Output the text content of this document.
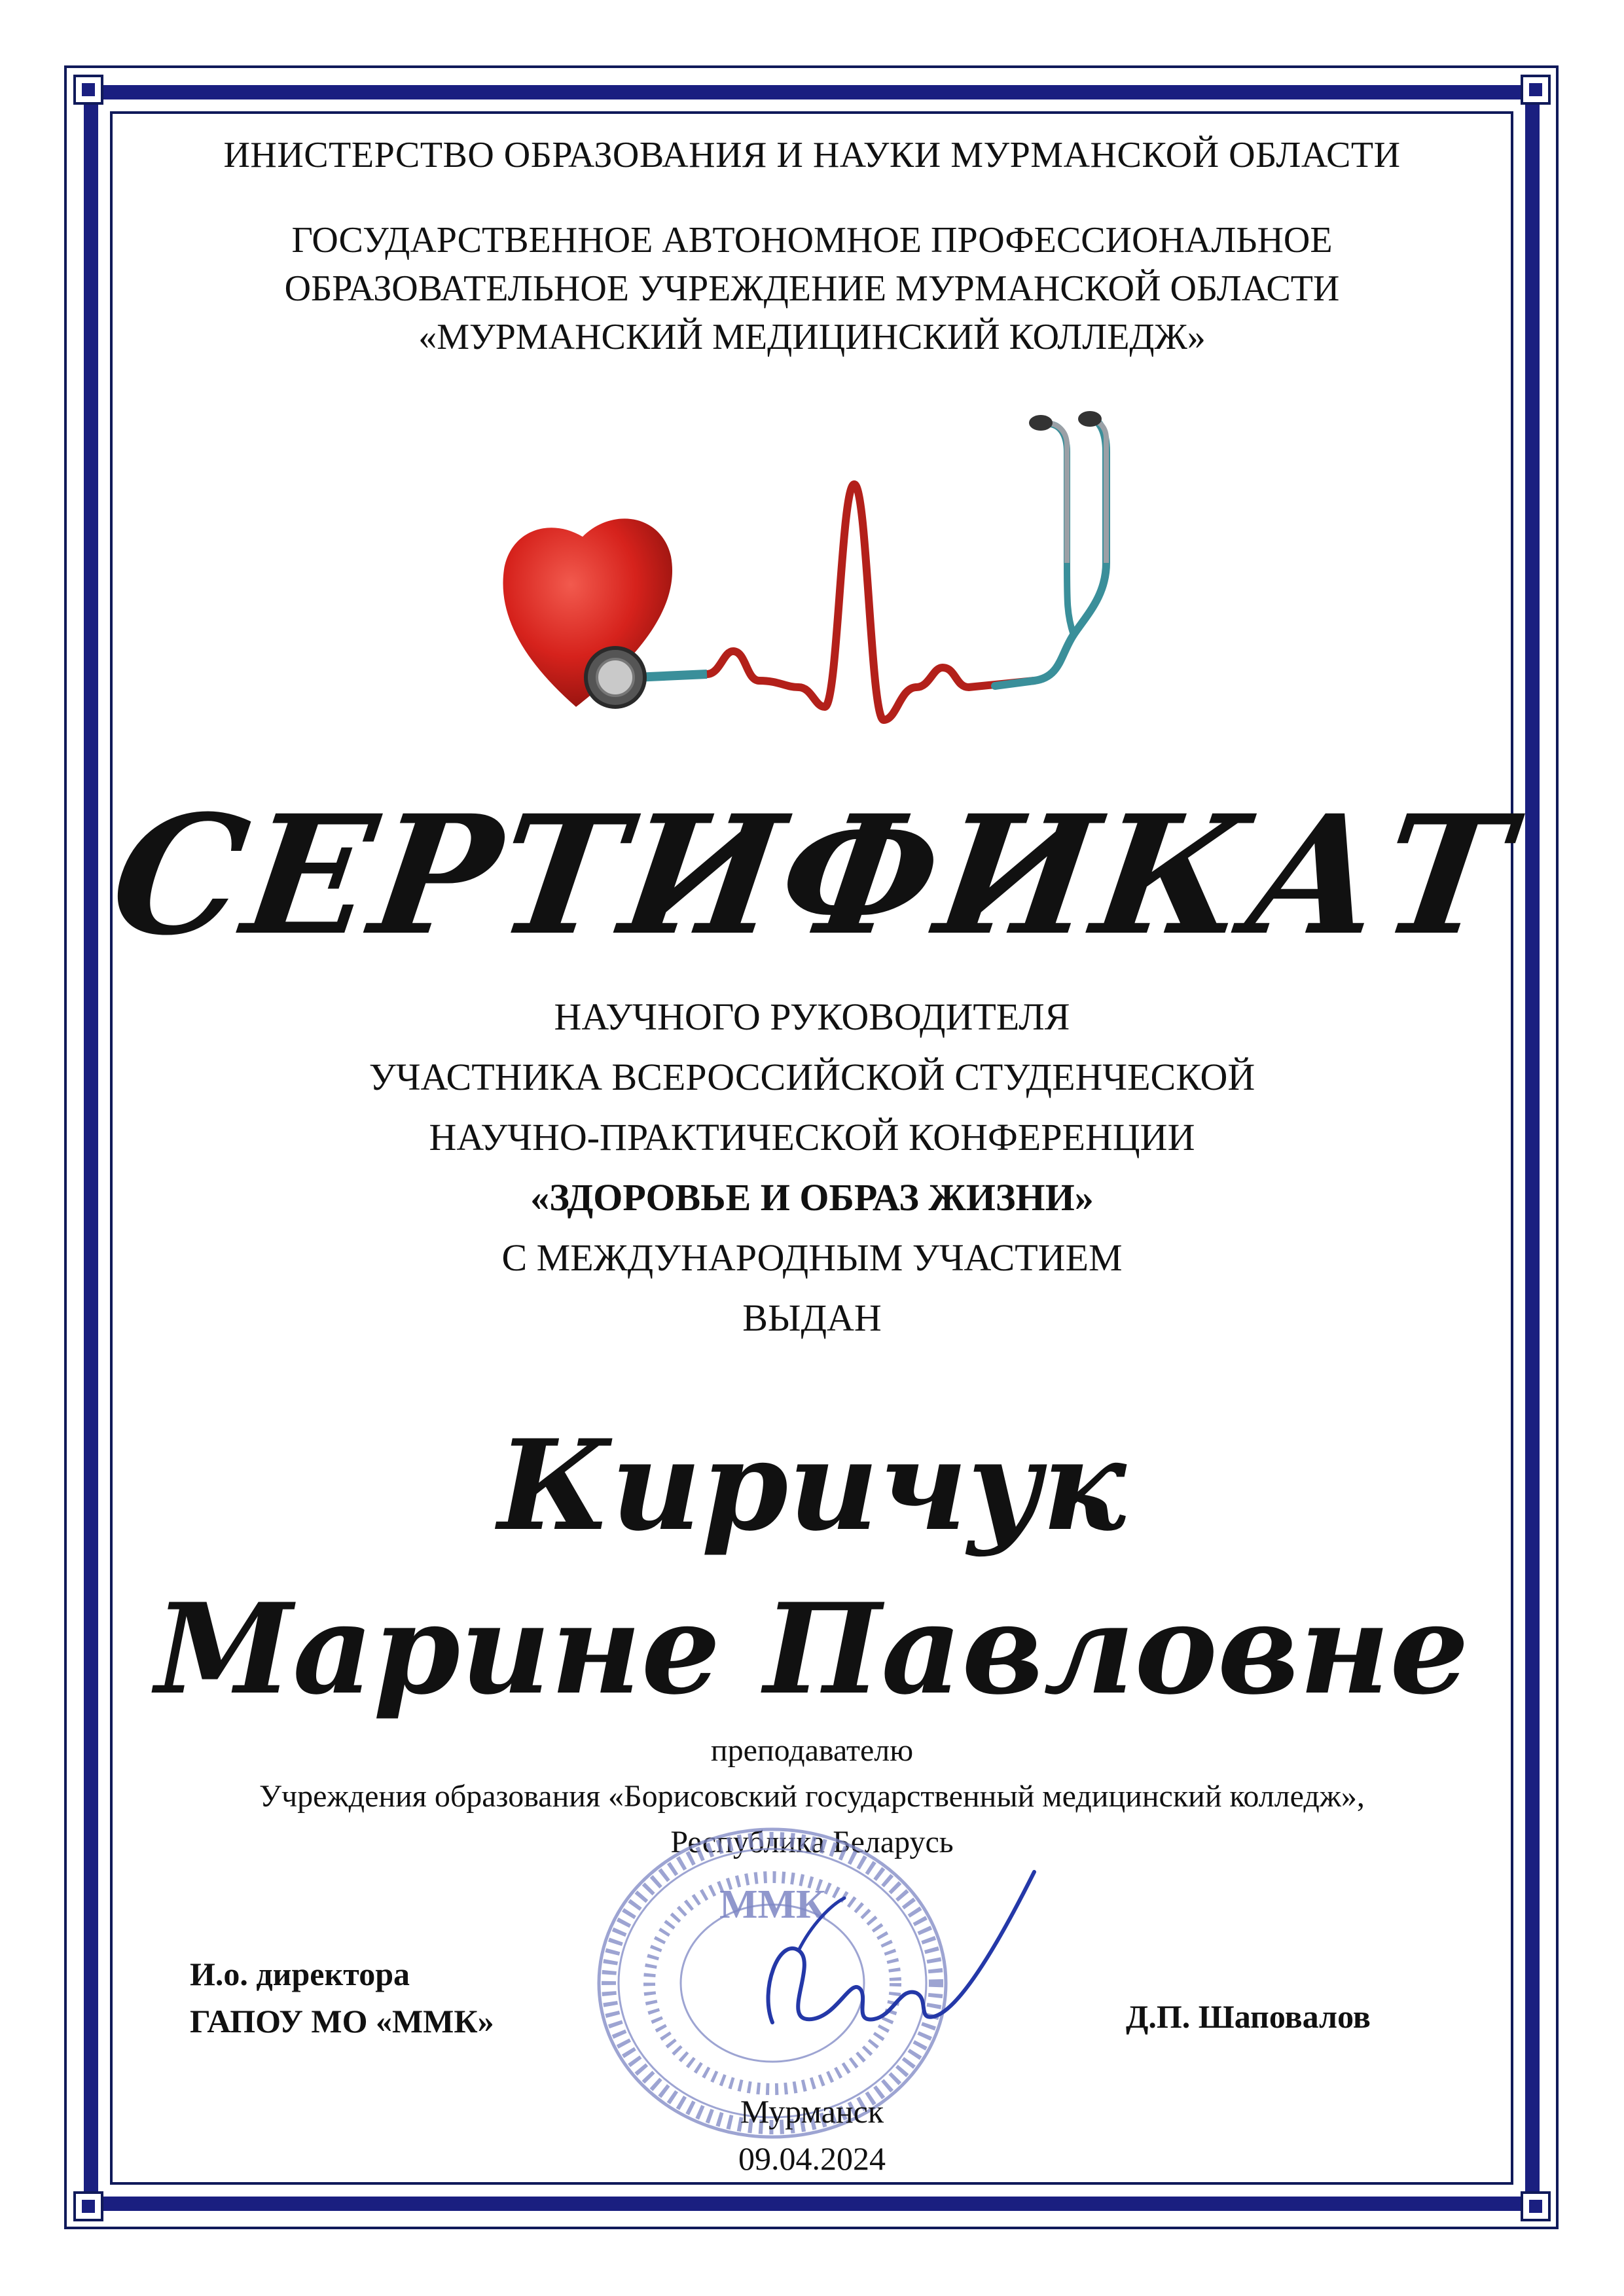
ИНИСТЕРСТВО ОБРАЗОВАНИЯ И НАУКИ МУРМАНСКОЙ ОБЛАСТИ
ГОСУДАРСТВЕННОЕ АВТОНОМНОЕ ПРОФЕССИОНАЛЬНОЕ
ОБРАЗОВАТЕЛЬНОЕ УЧРЕЖДЕНИЕ МУРМАНСКОЙ ОБЛАСТИ
«МУРМАНСКИЙ МЕДИЦИНСКИЙ КОЛЛЕДЖ»
СЕРТИФИКАТ
НАУЧНОГО РУКОВОДИТЕЛЯ
УЧАСТНИКА ВСЕРОССИЙСКОЙ СТУДЕНЧЕСКОЙ
НАУЧНО-ПРАКТИЧЕСКОЙ КОНФЕРЕНЦИИ
«ЗДОРОВЬЕ И ОБРАЗ ЖИЗНИ»
С МЕЖДУНАРОДНЫМ УЧАСТИЕМ
ВЫДАН
Киричук
Марине Павловне
преподавателю
Учреждения образования «Борисовский государственный медицинский колледж»,
Республика Беларусь
ММК
И.о. директора
ГАПОУ МО «ММК»	Д.П. Шаповалов
Мурманск
09.04.2024
